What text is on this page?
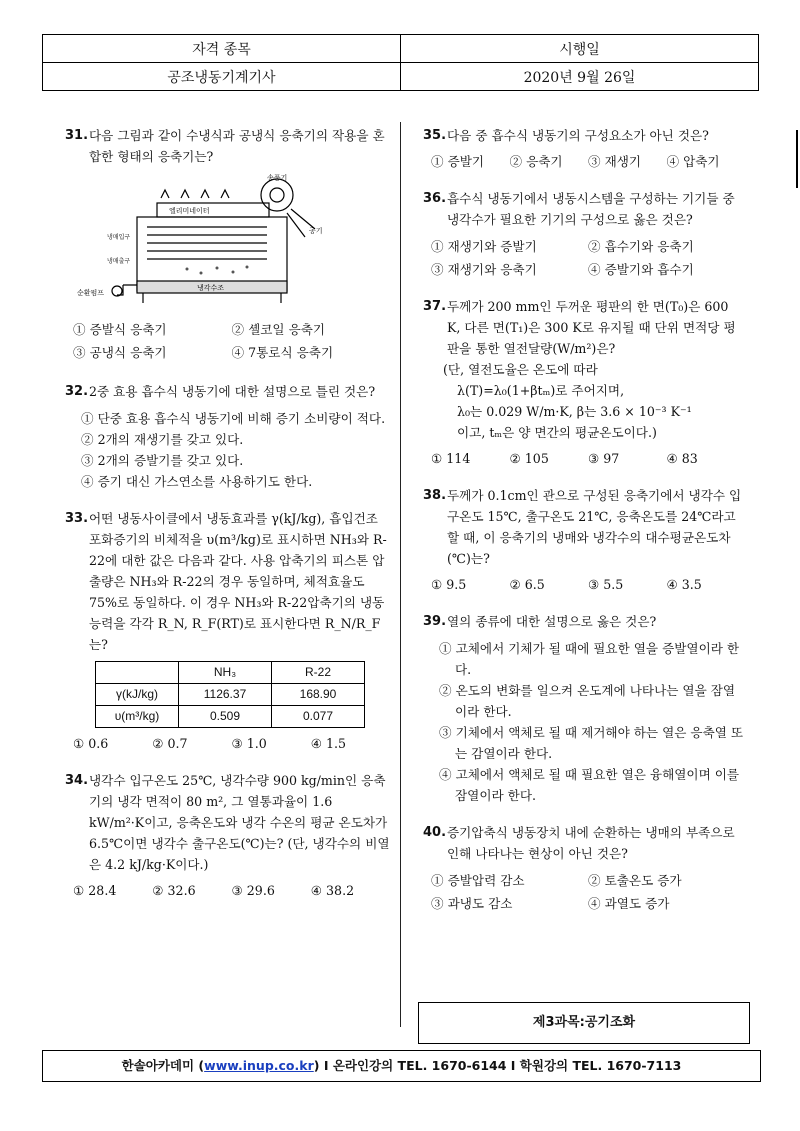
자격 종목	시행일
공조냉동기계기사	2020년 9월 26일
31. 다음 그림과 같이 수냉식과 공냉식 응축기의 작용을 혼합한 형태의 응축기는?
송풍기
엘리미네이터
냉매입구
냉매출구
공기
순환펌프
냉각수조
① 증발식 응축기	② 셸코일 응축기
③ 공냉식 응축기	④ 7통로식 응축기
32. 2중 효용 흡수식 냉동기에 대한 설명으로 틀린 것은?
① 단중 효용 흡수식 냉동기에 비해 증기 소비량이 적다.
② 2개의 재생기를 갖고 있다.
③ 2개의 증발기를 갖고 있다.
④ 증기 대신 가스연소를 사용하기도 한다.
33. 어떤 냉동사이클에서 냉동효과를 γ(kJ/kg), 흡입건조 포화증기의 비체적을 υ(m³/kg)로 표시하면 NH₃와 R-22에 대한 값은 다음과 같다. 사용 압축기의 피스톤 압출량은 NH₃와 R-22의 경우 동일하며, 체적효율도 75%로 동일하다. 이 경우 NH₃와 R-22압축기의 냉동능력을 각각 R_N, R_F(RT)로 표시한다면 R_N/R_F는?
	NH₃	R-22
γ(kJ/kg)	1126.37	168.90
υ(m³/kg)	0.509	0.077
① 0.6	② 0.7	③ 1.0	④ 1.5
34. 냉각수 입구온도 25℃, 냉각수량 900 kg/min인 응축기의 냉각 면적이 80 m², 그 열통과율이 1.6 kW/m²·K이고, 응축온도와 냉각 수온의 평균 온도차가 6.5℃이면 냉각수 출구온도(℃)는? (단, 냉각수의 비열은 4.2 kJ/kg·K이다.)
① 28.4	② 32.6	③ 29.6	④ 38.2
35. 다음 중 흡수식 냉동기의 구성요소가 아닌 것은?
① 증발기	② 응축기	③ 재생기	④ 압축기
36. 흡수식 냉동기에서 냉동시스템을 구성하는 기기들 중 냉각수가 필요한 기기의 구성으로 옳은 것은?
① 재생기와 증발기	② 흡수기와 응축기
③ 재생기와 응축기	④ 증발기와 흡수기
37. 두께가 200 mm인 두꺼운 평판의 한 면(T₀)은 600 K, 다른 면(T₁)은 300 K로 유지될 때 단위 면적당 평판을 통한 열전달량(W/m²)은?
(단, 열전도율은 온도에 따라
λ(T)=λ₀(1+βtₘ)로 주어지며,
λ₀는 0.029 W/m·K, β는 3.6 × 10⁻³ K⁻¹
이고, tₘ은 양 면간의 평균온도이다.)
① 114	② 105	③ 97	④ 83
38. 두께가 0.1cm인 관으로 구성된 응축기에서 냉각수 입구온도 15℃, 출구온도 21℃, 응축온도를 24℃라고 할 때, 이 응축기의 냉매와 냉각수의 대수평균온도차(℃)는?
① 9.5	② 6.5	③ 5.5	④ 3.5
39. 열의 종류에 대한 설명으로 옳은 것은?
① 고체에서 기체가 될 때에 필요한 열을 증발열이라 한다.
② 온도의 변화를 일으켜 온도계에 나타나는 열을 잠열이라 한다.
③ 기체에서 액체로 될 때 제거해야 하는 열은 응축열 또는 감열이라 한다.
④ 고체에서 액체로 될 때 필요한 열은 융해열이며 이를 잠열이라 한다.
40. 증기압축식 냉동장치 내에 순환하는 냉매의 부족으로 인해 나타나는 현상이 아닌 것은?
① 증발압력 감소	② 토출온도 증가
③ 과냉도 감소	④ 과열도 증가
제3과목:공기조화
한솔아카데미 (www.inup.co.kr) I 온라인강의 TEL. 1670-6144 I 학원강의 TEL. 1670-7113
